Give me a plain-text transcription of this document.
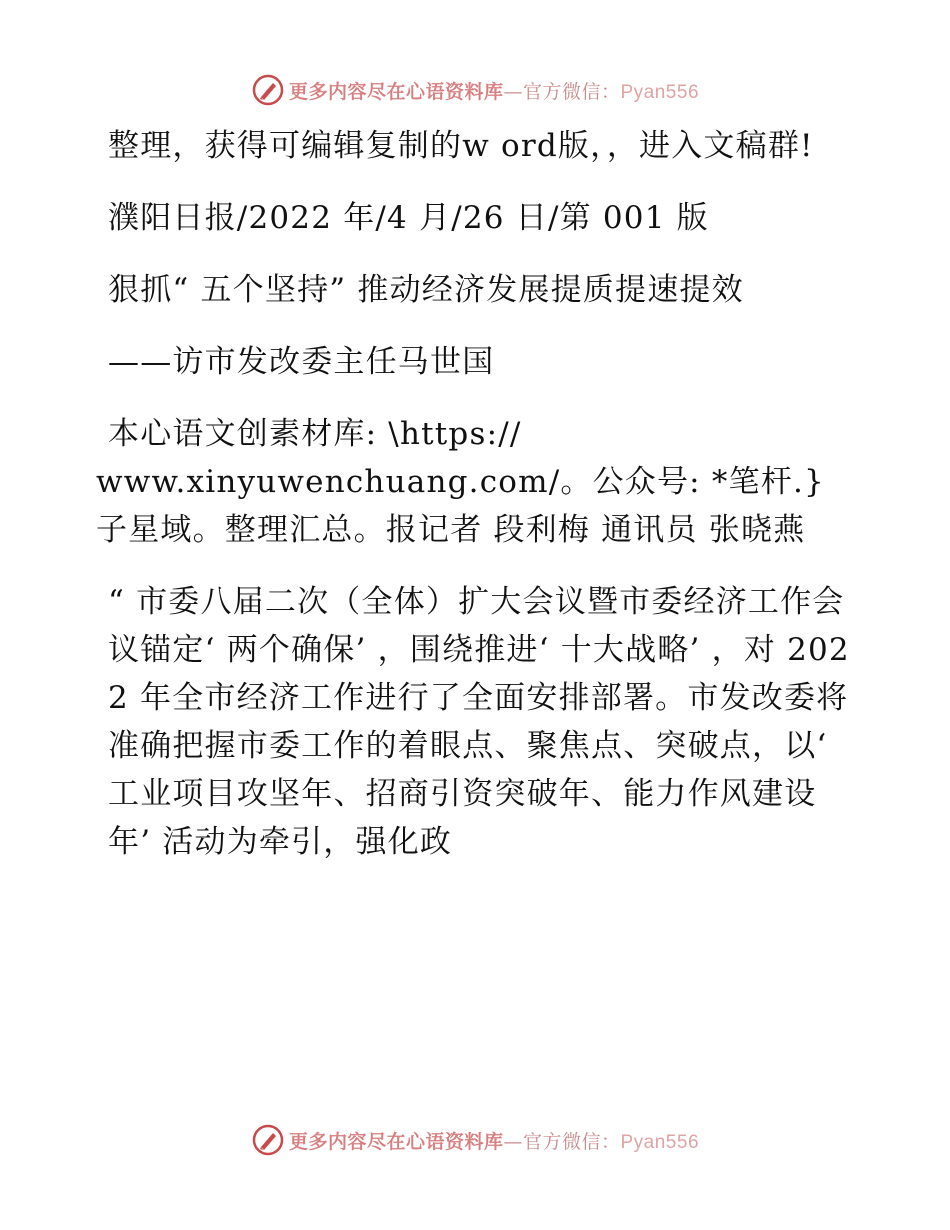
更多内容尽在心语资料库—官方微信：Pyan556

整理，获得可编辑复制的w ord版，，进入文稿群!

濮阳日报/2022 年/4 月/26 日/第 001 版

狠抓“ 五个坚持” 推动经济发展提质提速提效

——访市发改委主任马世国

本心语文创素材库: \https://

www.xinyuwenchuang.com/。公众号: *笔杆.}子星域。整理汇总。报记者 段利梅 通讯员 张晓燕

“ 市委八届二次（全体）扩大会议暨市委经济工作会议锚定‘ 两个确保’ ，围绕推进‘ 十大战略’ ，对 2022 年全市经济工作进行了全面安排部署。市发改委将准确把握市委工作的着眼点、聚焦点、突破点，以‘ 工业项目攻坚年、招商引资突破年、能力作风建设年’ 活动为牵引，强化政

更多内容尽在心语资料库—官方微信：Pyan556
